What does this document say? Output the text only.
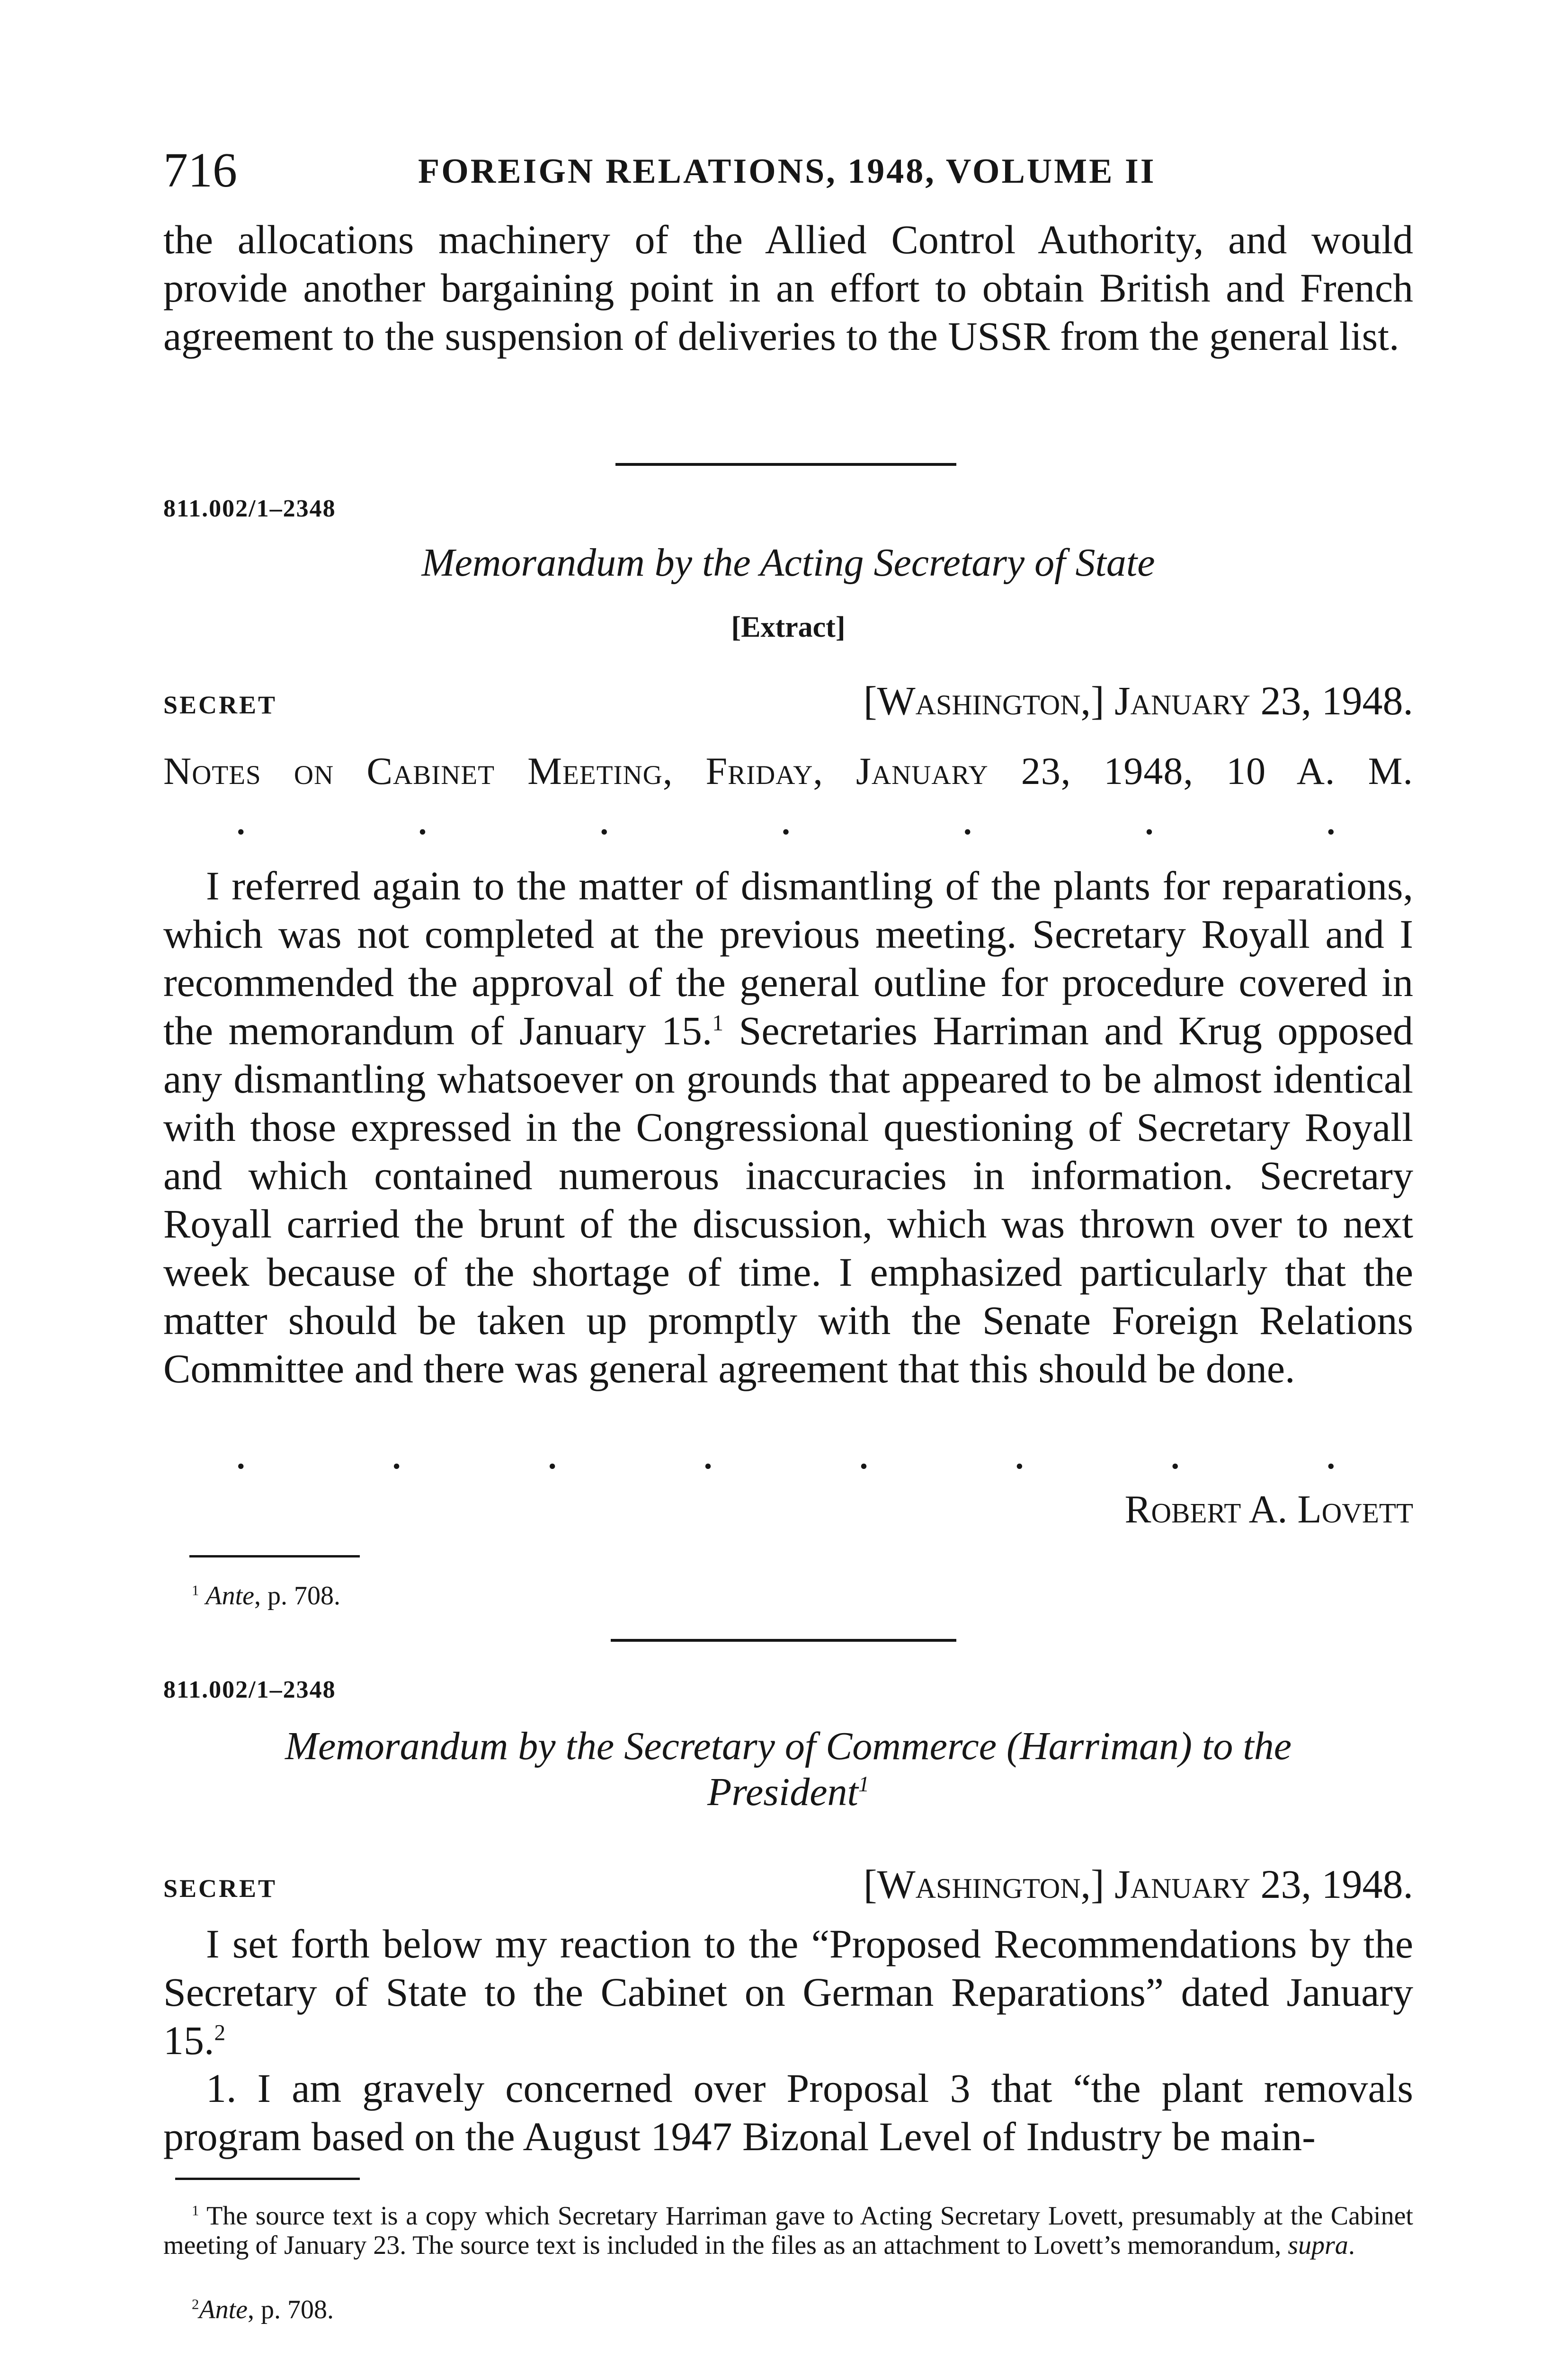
716	FOREIGN RELATIONS, 1948, VOLUME II
the allocations machinery of the Allied Control Authority, and would provide another bargaining point in an effort to obtain British and French agreement to the suspension of deliveries to the USSR from the general list.
811.002/1–2348
Memorandum by the Acting Secretary of State
[Extract]
SECRET	[Washington,] January 23, 1948.
Notes on Cabinet Meeting, Friday, January 23, 1948, 10 A. M.
.	.	.	.	.	.	.
I referred again to the matter of dismantling of the plants for reparations, which was not completed at the previous meeting. Secretary Royall and I recommended the approval of the general outline for procedure covered in the memorandum of January 15.$^1$ Secretaries Harriman and Krug opposed any dismantling whatsoever on grounds that appeared to be almost identical with those expressed in the Congressional questioning of Secretary Royall and which contained numerous inaccuracies in information. Secretary Royall carried the brunt of the discussion, which was thrown over to next week because of the shortage of time. I emphasized particularly that the matter should be taken up promptly with the Senate Foreign Relations Committee and there was general agreement that this should be done.
.	.	.	.	.	.	.	.
Robert A. Lovett
$^1$ Ante, p. 708.
811.002/1–2348
Memorandum by the Secretary of Commerce (Harriman) to the
President$^1$
SECRET	[Washington,] January 23, 1948.
I set forth below my reaction to the “Proposed Recommendations by the Secretary of State to the Cabinet on German Reparations” dated January 15.$^2$
1. I am gravely concerned over Proposal 3 that “the plant removals program based on the August 1947 Bizonal Level of Industry be main-
$^1$ The source text is a copy which Secretary Harriman gave to Acting Secretary Lovett, presumably at the Cabinet meeting of January 23. The source text is included in the files as an attachment to Lovett’s memorandum, supra.
$^2$Ante, p. 708.
